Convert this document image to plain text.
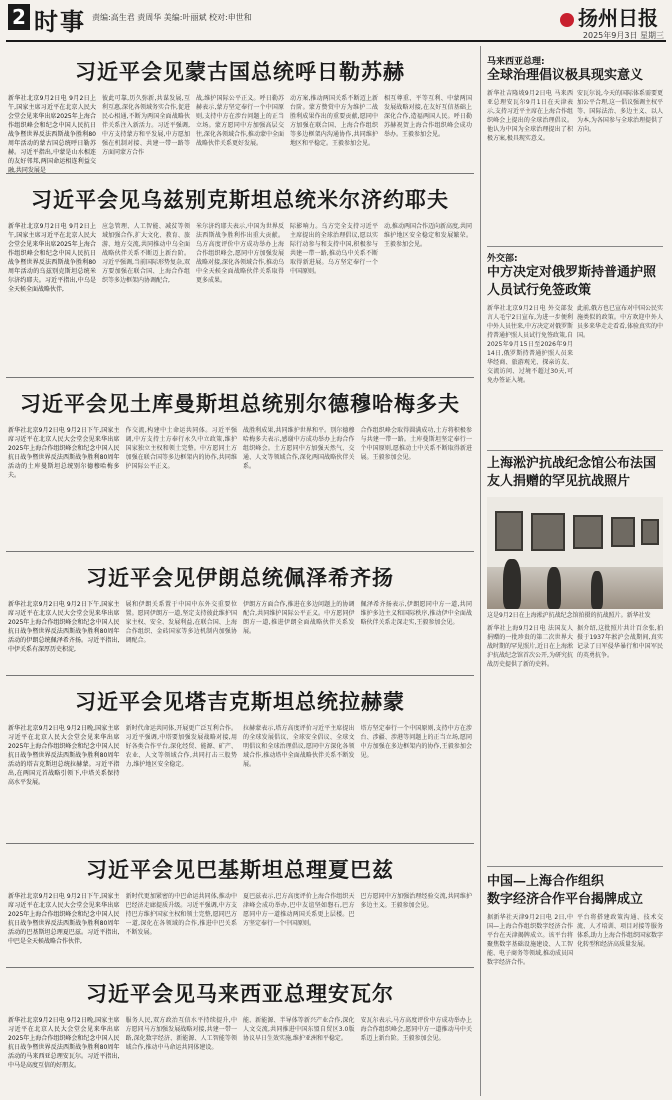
2 时事 责编:高生君 责周华 美编:叶丽斌 校对:申世和	扬州日报
2025年9月3日 星期三
习近平会见蒙古国总统呼日勒苏赫
新华社北京9月2日电 9月2日上午,国家主席习近平在北京人民大会堂会见来华出席2025年上海合作组织峰会和纪念中国人民抗日战争暨世界反法西斯战争胜利80周年活动的蒙古国总统呼日勒苏赫。习近平指出,中蒙是山水相连的友好邻邦,两国命运相连利益交融,共同发展是
彼此可靠,历久弥新,共谋发展,互利互惠,深化各领域务实合作,促进民心相通,不断为两国全面战略伙伴关系注入新活力。习近平强调,中方支持蒙方和平发展,中方愿加强在机制对接、共建一带一路等方面同蒙方合作
战,维护国际公平正义。呼日勒苏赫表示,蒙方坚定奉行一个中国原则,支持中方在涉台问题上的正当立场。蒙方愿同中方加强高层交往,深化各领域合作,推动蒙中全面战略伙伴关系更好发展。
动方案,推动两国关系不断迈上新台阶。蒙方赞赏中方为维护二战胜利成果作出的重要贡献,愿同中方加强在联合国、上海合作组织等多边框架内沟通协作,共同维护地区和平稳定。王毅参加会见。
相互尊重、平等互利、中蒙两国发展战略对接,在友好互信基础上深化合作,造福两国人民。呼日勒苏赫祝贺上海合作组织峰会成功举办。王毅参加会见。
习近平会见乌兹别克斯坦总统米尔济约耶夫
新华社北京9月2日电 9月2日上午,国家主席习近平在北京人民大会堂会见来华出席2025年上海合作组织峰会和纪念中国人民抗日战争暨世界反法西斯战争胜利80周年活动的乌兹别克斯坦总统米尔济约耶夫。习近平指出,中乌是全天候全面战略伙伴,
应急管理、人工智能、减贫等领域加强合作,扩大文化、教育、旅游、地方交流,共同推动中乌全面战略伙伴关系不断迈上新台阶。习近平强调,当前国际形势复杂,双方要加强在联合国、上海合作组织等多边框架内协调配合,
米尔济约耶夫表示,中国为世界反法西斯战争胜利作出重大贡献。乌方高度评价中方成功举办上海合作组织峰会,愿同中方加强发展战略对接,深化各领域合作,推动乌中全天候全面战略伙伴关系取得更多成果。
际影响力。乌方完全支持习近平主席提出的全球治理倡议,愿以实际行动参与和支持中国,积极参与共建一带一路,推动乌中关系不断取得新进展。乌方坚定奉行一个中国原则。
动,推动两国合作迈向新高度,共同维护地区安全稳定和发展繁荣。王毅参加会见。
习近平会见土库曼斯坦总统别尔德穆哈梅多夫
新华社北京9月2日电 9月2日下午,国家主席习近平在北京人民大会堂会见来华出席2025年上海合作组织峰会和纪念中国人民抗日战争暨世界反法西斯战争胜利80周年活动的土库曼斯坦总统别尔德穆哈梅多夫。
作交流,构建中土命运共同体。习近平强调,中方支持土方奉行永久中立政策,维护国家独立主权和领土完整。中方愿同土方加强在联合国等多边框架内的协作,共同维护国际公平正义。
战胜利成果,共同维护世界和平。别尔德穆哈梅多夫表示,感谢中方成功举办上海合作组织峰会。土方愿同中方加强天然气、交通、人文等领域合作,深化两国战略伙伴关系。
合作组织峰会取得圆满成功,土方将积极参与共建一带一路。土库曼斯坦坚定奉行一个中国原则,愿推动土中关系不断取得新进展。王毅参加会见。
习近平会见伊朗总统佩泽希齐扬
新华社北京9月2日电 9月2日下午,国家主席习近平在北京人民大会堂会见来华出席2025年上海合作组织峰会和纪念中国人民抗日战争暨世界反法西斯战争胜利80周年活动的伊朗总统佩泽希齐扬。习近平指出,中伊关系有深厚历史积淀,
展和伊朗关系置于中国中东外交重要位置。愿同伊朗方一道,坚定支持彼此维护国家主权、安全、发展利益,在联合国、上海合作组织、金砖国家等多边机制内加强协调配合。
伊朗方方面合作,推进在多边问题上的协调配合,共同维护国际公平正义。中方愿同伊朗方一道,推进伊朗全面战略伙伴关系发展。
佩泽希齐扬表示,伊朗愿同中方一道,共同维护多边主义和国际秩序,推动伊中全面战略伙伴关系走深走实,王毅参加会见。
习近平会见塔吉克斯坦总统拉赫蒙
新华社北京9月2日电 9月2日晚,国家主席习近平在北京人民大会堂会见来华出席2025年上海合作组织峰会和纪念中国人民抗日战争暨世界反法西斯战争胜利80周年活动的塔吉克斯坦总统拉赫蒙。习近平指出,在两国元首战略引领下,中塔关系保持高水平发展。
新时代命运共同体,开展更广泛互利合作。习近平强调,中塔要加强发展战略对接,用好各类合作平台,深化经贸、能源、矿产、农业、人文等领域合作,共同打击三股势力,维护地区安全稳定。
拉赫蒙表示,塔方高度评价习近平主席提出的全球发展倡议、全球安全倡议、全球文明倡议和全球治理倡议,愿同中方深化各领域合作,推动塔中全面战略伙伴关系不断发展。
塔方坚定奉行一个中国原则,支持中方在涉台、涉疆、涉港等问题上的正当立场,愿同中方加强在多边框架内的协作,王毅参加会见。
习近平会见巴基斯坦总理夏巴兹
新华社北京9月2日电 9月2日下午,国家主席习近平在北京人民大会堂会见来华出席2025年上海合作组织峰会和纪念中国人民抗日战争暨世界反法西斯战争胜利80周年活动的巴基斯坦总理夏巴兹。习近平指出,中巴是全天候战略合作伙伴,
新时代更加紧密的中巴命运共同体,推动中巴经济走廊提质升级。习近平强调,中方支持巴方维护国家主权和领土完整,愿同巴方一道,深化在各领域的合作,推进中巴关系不断发展。
夏巴兹表示,巴方高度评价上海合作组织天津峰会成功举办,巴中友谊坚如磐石,巴方愿同中方一道推动两国关系更上层楼。巴方坚定奉行一个中国原则。
巴方愿同中方加强治理经验交流,共同维护多边主义。王毅参加会见。
习近平会见马来西亚总理安瓦尔
新华社北京9月2日电 9月2日晚,国家主席习近平在北京人民大会堂会见来华出席2025年上海合作组织峰会和纪念中国人民抗日战争暨世界反法西斯战争胜利80周年活动的马来西亚总理安瓦尔。习近平指出,中马是高度互信的好朋友。
服务人民,双方政治互信水平持续提升,中方愿同马方加强发展战略对接,共建一带一路,深化数字经济、新能源、人工智能等领域合作,推动中马命运共同体建设。
能、新能源、半导体等新兴产业合作,深化人文交流,共同推进中国东盟自贸区3.0版协议早日生效实施,维护亚洲和平稳定。
安瓦尔表示,马方高度评价中方成功举办上海合作组织峰会,愿同中方一道推动马中关系迈上新台阶。王毅参加会见。
马来西亚总理:
全球治理倡议极具现实意义
新华社吉隆坡9月2日电 马来西亚总理安瓦尔9月1日在天津表示,支持习近平主席在上海合作组织峰会上提出的全球治理倡议。他认为中国为全球治理提出了积极方案,极具现实意义。
安瓦尔说,今天的国际体系需要更加公平合理,这一倡议强调主权平等、国际法治、多边主义、以人为本,为各国参与全球治理提供了方向。
外交部:
中方决定对俄罗斯持普通护照人员试行免签政策
新华社北京9月2日电 外交部发言人毛宁2日宣布,为进一步便利中外人员往来,中方决定对俄罗斯持普通护照人员试行免签政策,自2025年9月15日至2026年9月14日,俄罗斯持普通护照人员来华经商、旅游观光、探亲访友、交流访问、过境不超过30天,可免办签证入境。
此前,俄方也已宣布对中国公民实施类似的政策。中方欢迎中外人员多来华走走看看,体验真实的中国。
上海淞沪抗战纪念馆公布法国友人捐赠的罕见抗战照片
这是9月2日在上海淞沪抗战纪念馆拍摄的抗战照片。新华社发
新华社上海9月2日电 法国友人捐赠的一批珍贵的第二次世界大战时期的罕见照片,近日在上海淞沪抗战纪念馆首次公开,为研究抗战历史提供了新的史料。
据介绍,这批照片共计百余张,拍摄于1937年淞沪会战期间,真实记录了日军侵华暴行和中国军民的英勇抗争。
中国—上海合作组织
数字经济合作平台揭牌成立
据新华社天津9月2日电 2日,中国—上海合作组织数字经济合作平台在天津揭牌成立。该平台将聚焦数字基础设施建设、人工智能、电子商务等领域,推动成员国数字经济合作。
平台将搭建政策沟通、技术交流、人才培训、项目对接等服务体系,助力上海合作组织国家数字化转型和经济高质量发展。
